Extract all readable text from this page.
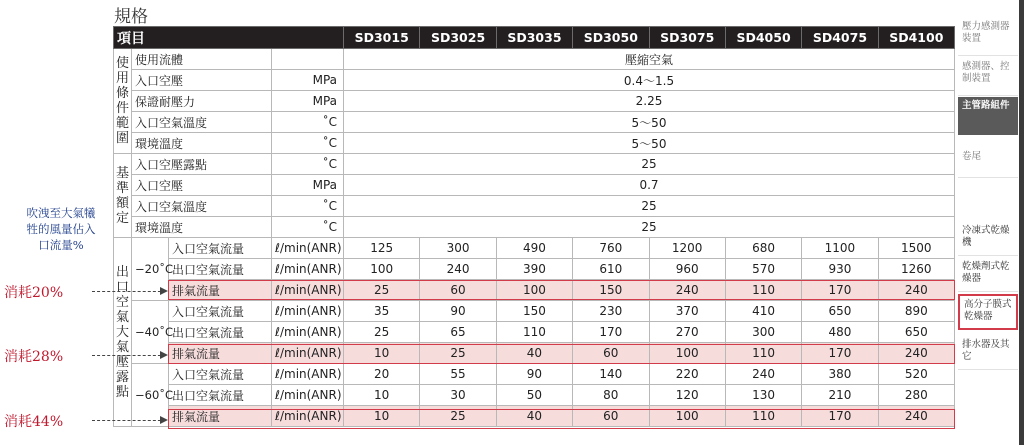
規格
項目				SD3015	SD3025	SD3035	SD3050	SD3075	SD4050	SD4075	SD4100
使用條件範圍	使用流體			壓縮空氣							
	入口空壓		MPa	0.4〜1.5							
	保證耐壓力		MPa	2.25							
	入口空氣溫度		˚C	5〜50							
	環境溫度		˚C	5〜50							
基準額定	入口空壓露點		˚C	25							
	入口空壓		MPa	0.7							
	入口空氣溫度		˚C	25							
	環境溫度		˚C	25							
出口空氣大氣壓露點	−20˚C	入口空氣流量	ℓ/min(ANR)	125	300	490	760	1200	680	1100	1500
		出口空氣流量	ℓ/min(ANR)	100	240	390	610	960	570	930	1260
		排氣流量	ℓ/min(ANR)	25	60	100	150	240	110	170	240
	−40˚C	入口空氣流量	ℓ/min(ANR)	35	90	150	230	370	410	650	890
		出口空氣流量	ℓ/min(ANR)	25	65	110	170	270	300	480	650
		排氣流量	ℓ/min(ANR)	10	25	40	60	100	110	170	240
	−60˚C	入口空氣流量	ℓ/min(ANR)	20	55	90	140	220	240	380	520
		出口空氣流量	ℓ/min(ANR)	10	30	50	80	120	130	210	280
		排氣流量	ℓ/min(ANR)	10	25	40	60	100	110	170	240
吹洩至大氣犧牲的風量佔入口流量%
消耗20%
消耗28%
消耗44%
壓力感測器裝置
感測器、控制裝置
主管路組件
卷尾
冷凍式乾燥機
乾燥劑式乾燥器
高分子膜式乾燥器
排水器及其它
